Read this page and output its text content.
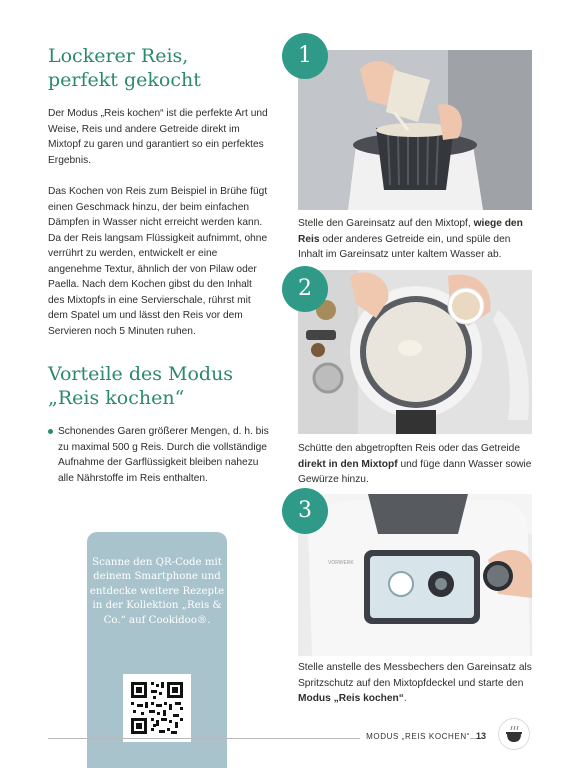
Lockerer Reis,
perfekt gekocht

Der Modus „Reis kochen“ ist die perfekte Art und Weise, Reis und andere Getreide direkt im Mixtopf zu garen und garantiert so ein perfektes Ergebnis.

Das Kochen von Reis zum Beispiel in Brühe fügt einen Geschmack hinzu, der beim einfachen Dämpfen in Wasser nicht erreicht werden kann. Da der Reis langsam Flüssigkeit aufnimmt, ohne verrührt zu werden, entwickelt er eine angenehme Textur, ähnlich der von Pilaw oder Paella. Nach dem Kochen gibst du den Inhalt des Mixtopfs in eine Servierschale, rührst mit dem Spatel um und lässt den Reis vor dem Servieren noch 5 Minuten ruhen.

Vorteile des Modus
„Reis kochen“
Schonendes Garen größerer Mengen, d. h. bis zu maximal 500 g Reis. Durch die vollständige Aufnahme der Garflüssigkeit bleiben nahezu alle Nährstoffe im Reis enthalten.
Scanne den QR-Code mit deinem Smartphone und entdecke weitere Rezepte in der Kollektion „Reis & Co.“ auf Cookidoo®.
1

Stelle den Gareinsatz auf den Mixtopf, wiege den Reis oder anderes Getreide ein, und spüle den Inhalt im Gareinsatz unter kaltem Wasser ab.

2

Schütte den abgetropften Reis oder das Getreide direkt in den Mixtopf und füge dann Wasser sowie Gewürze hinzu.

VORWERK
3

Stelle anstelle des Messbechers den Gareinsatz als Spritzschutz auf den Mixtopfdeckel und starte den Modus „Reis kochen“.

MODUS „REIS KOCHEN“ 13
